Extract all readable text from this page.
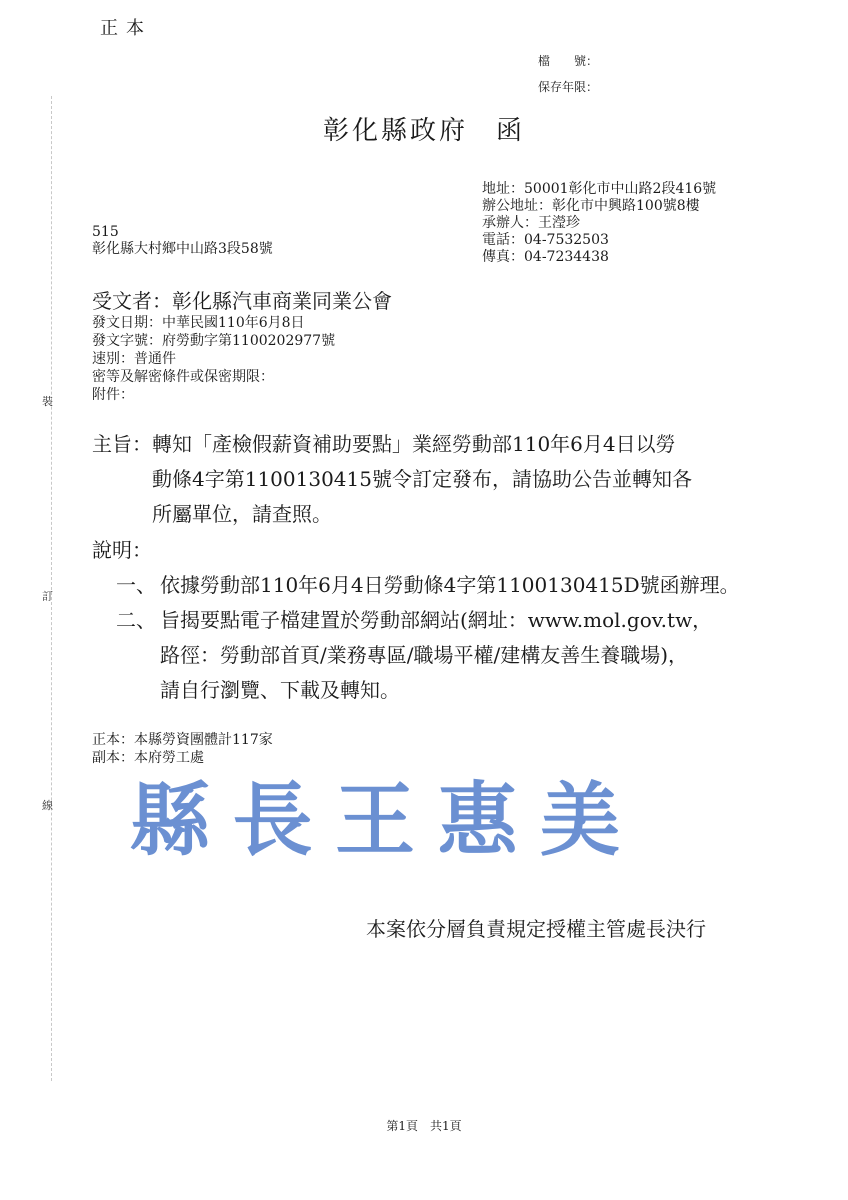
裝
訂
線
正本
檔　　號：
保存年限：
彰化縣政府 函
地址：50001彰化市中山路2段416號
辦公地址：彰化市中興路100號8樓
承辦人：王瀅珍
電話：04-7532503
傳真：04-7234438
515
彰化縣大村鄉中山路3段58號
受文者：彰化縣汽車商業同業公會
發文日期：中華民國110年6月8日
發文字號：府勞動字第1100202977號
速別：普通件
密等及解密條件或保密期限：
附件：
主旨： 轉知「產檢假薪資補助要點」業經勞動部110年6月4日以勞
動條4字第1100130415號令訂定發布，請協助公告並轉知各
所屬單位，請查照。
說明：
一、 依據勞動部110年6月4日勞動條4字第1100130415D號函辦理。
二、 旨揭要點電子檔建置於勞動部網站(網址：www.mol.gov.tw，
路徑：勞動部首頁/業務專區/職場平權/建構友善生養職場)，
請自行瀏覽、下載及轉知。
正本：本縣勞資團體計117家
副本：本府勞工處
縣 長 王 惠 美
本案依分層負責規定授權主管處長決行
第1頁　共1頁
